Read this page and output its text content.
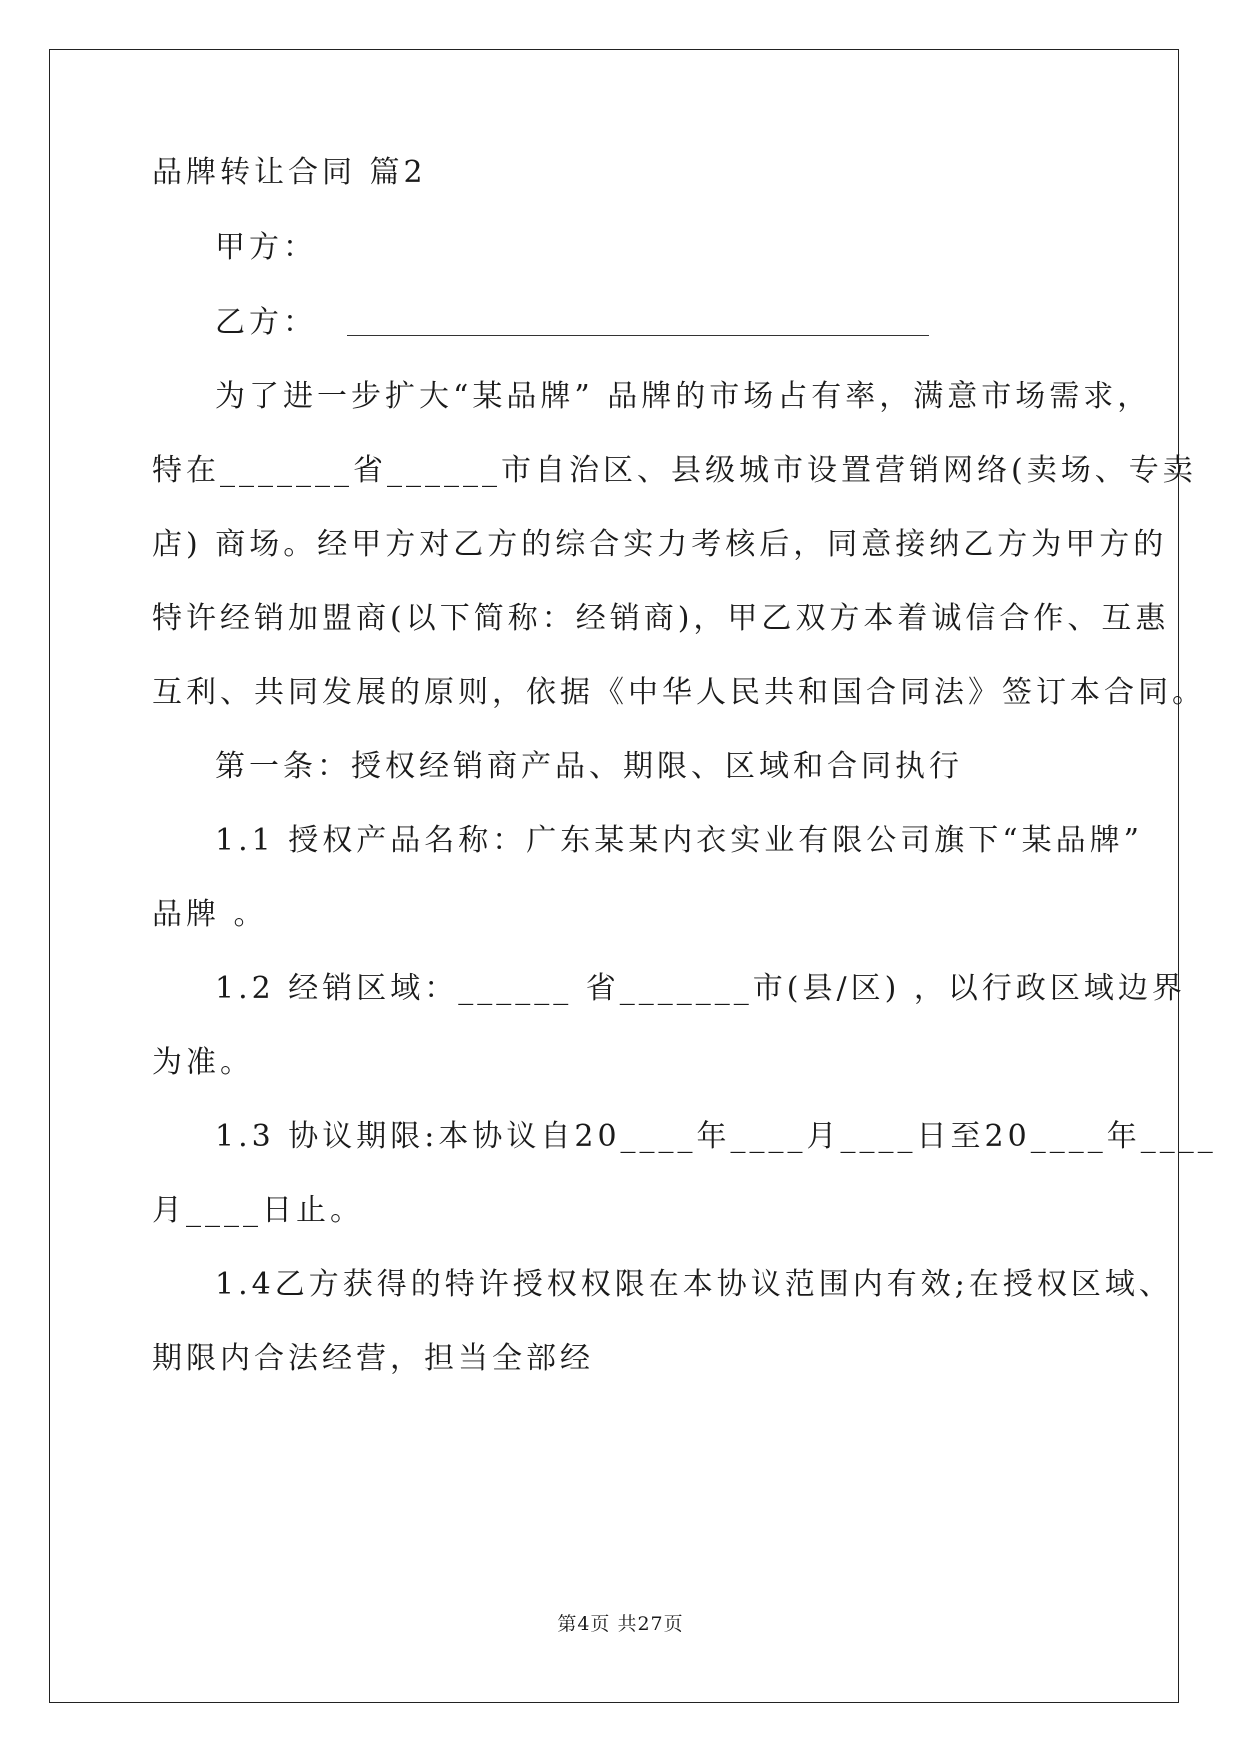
品牌转让合同 篇2
甲方：
乙方：
为了进一步扩大“某品牌” 品牌的市场占有率，满意市场需求，
特在_______省______市自治区、县级城市设置营销网络(卖场、专卖
店) 商场。经甲方对乙方的综合实力考核后，同意接纳乙方为甲方的
特许经销加盟商(以下简称：经销商)，甲乙双方本着诚信合作、互惠
互利、共同发展的原则，依据《中华人民共和国合同法》签订本合同。
第一条：授权经销商产品、期限、区域和合同执行
1.1 授权产品名称：广东某某内衣实业有限公司旗下“某品牌”
品牌 。
1.2 经销区域：______ 省_______市(县/区) ，以行政区域边界
为准。
1.3 协议期限:本协议自20____年____月____日至20____年____
月____日止。
1.4乙方获得的特许授权权限在本协议范围内有效;在授权区域、
期限内合法经营，担当全部经
第4页 共27页
